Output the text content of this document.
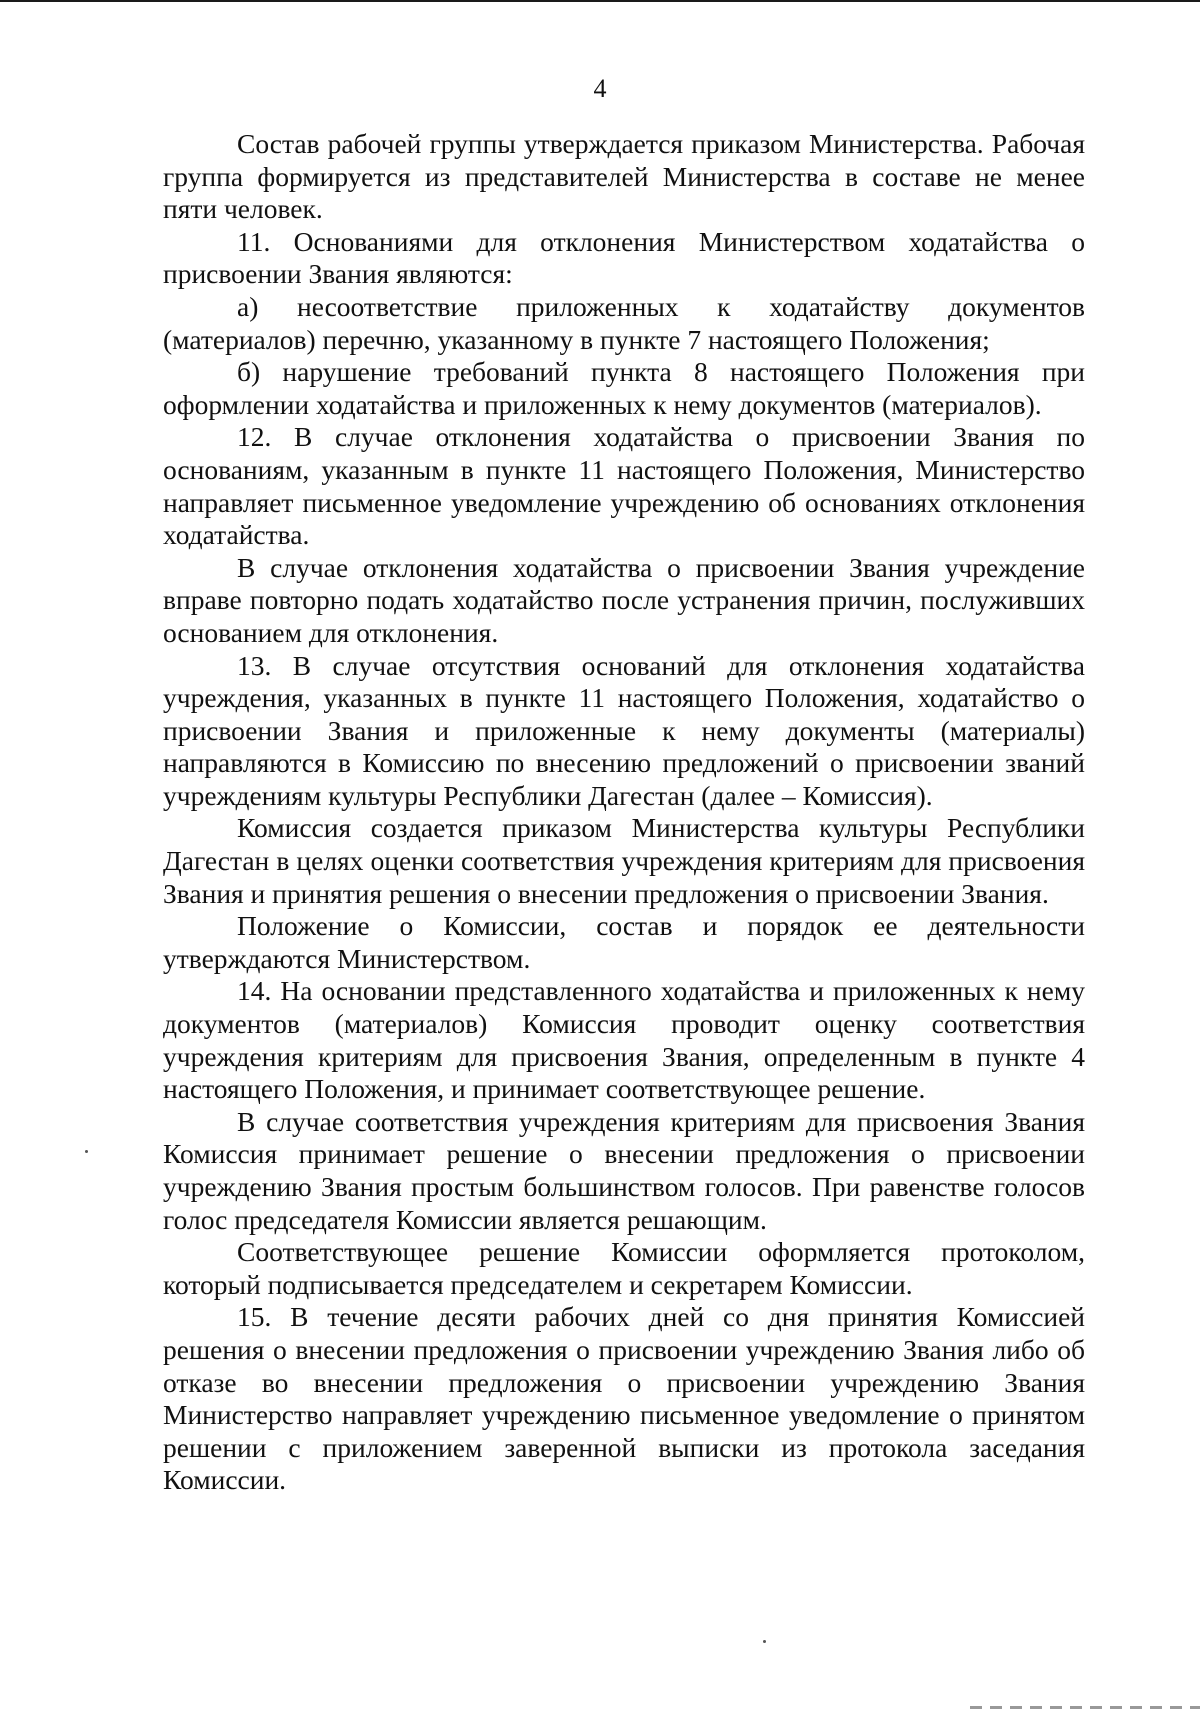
4

Состав рабочей группы утверждается приказом Министерства. Рабочая группа формируется из представителей Министерства в составе не менее пяти человек.

11. Основаниями для отклонения Министерством ходатайства о присвоении Звания являются:

а) несоответствие приложенных к ходатайству документов (материалов) перечню, указанному в пункте 7 настоящего Положения;

б) нарушение требований пункта 8 настоящего Положения при оформлении ходатайства и приложенных к нему документов (материалов).

12. В случае отклонения ходатайства о присвоении Звания по основаниям, указанным в пункте 11 настоящего Положения, Министерство направляет письменное уведомление учреждению об основаниях отклонения ходатайства.

В случае отклонения ходатайства о присвоении Звания учреждение вправе повторно подать ходатайство после устранения причин, послуживших основанием для отклонения.

13. В случае отсутствия оснований для отклонения ходатайства учреждения, указанных в пункте 11 настоящего Положения, ходатайство о присвоении Звания и приложенные к нему документы (материалы) направляются в Комиссию по внесению предложений о присвоении званий учреждениям культуры Республики Дагестан (далее – Комиссия).

Комиссия создается приказом Министерства культуры Республики Дагестан в целях оценки соответствия учреждения критериям для присвоения Звания и принятия решения о внесении предложения о присвоении Звания.

Положение о Комиссии, состав и порядок ее деятельности утверждаются Министерством.

14. На основании представленного ходатайства и приложенных к нему документов (материалов) Комиссия проводит оценку соответствия учреждения критериям для присвоения Звания, определенным в пункте 4 настоящего Положения, и принимает соответствующее решение.

В случае соответствия учреждения критериям для присвоения Звания Комиссия принимает решение о внесении предложения о присвоении учреждению Звания простым большинством голосов. При равенстве голосов голос председателя Комиссии является решающим.

Соответствующее решение Комиссии оформляется протоколом, который подписывается председателем и секретарем Комиссии.

15. В течение десяти рабочих дней со дня принятия Комиссией решения о внесении предложения о присвоении учреждению Звания либо об отказе во внесении предложения о присвоении учреждению Звания Министерство направляет учреждению письменное уведомление о принятом решении с приложением заверенной выписки из протокола заседания Комиссии.
